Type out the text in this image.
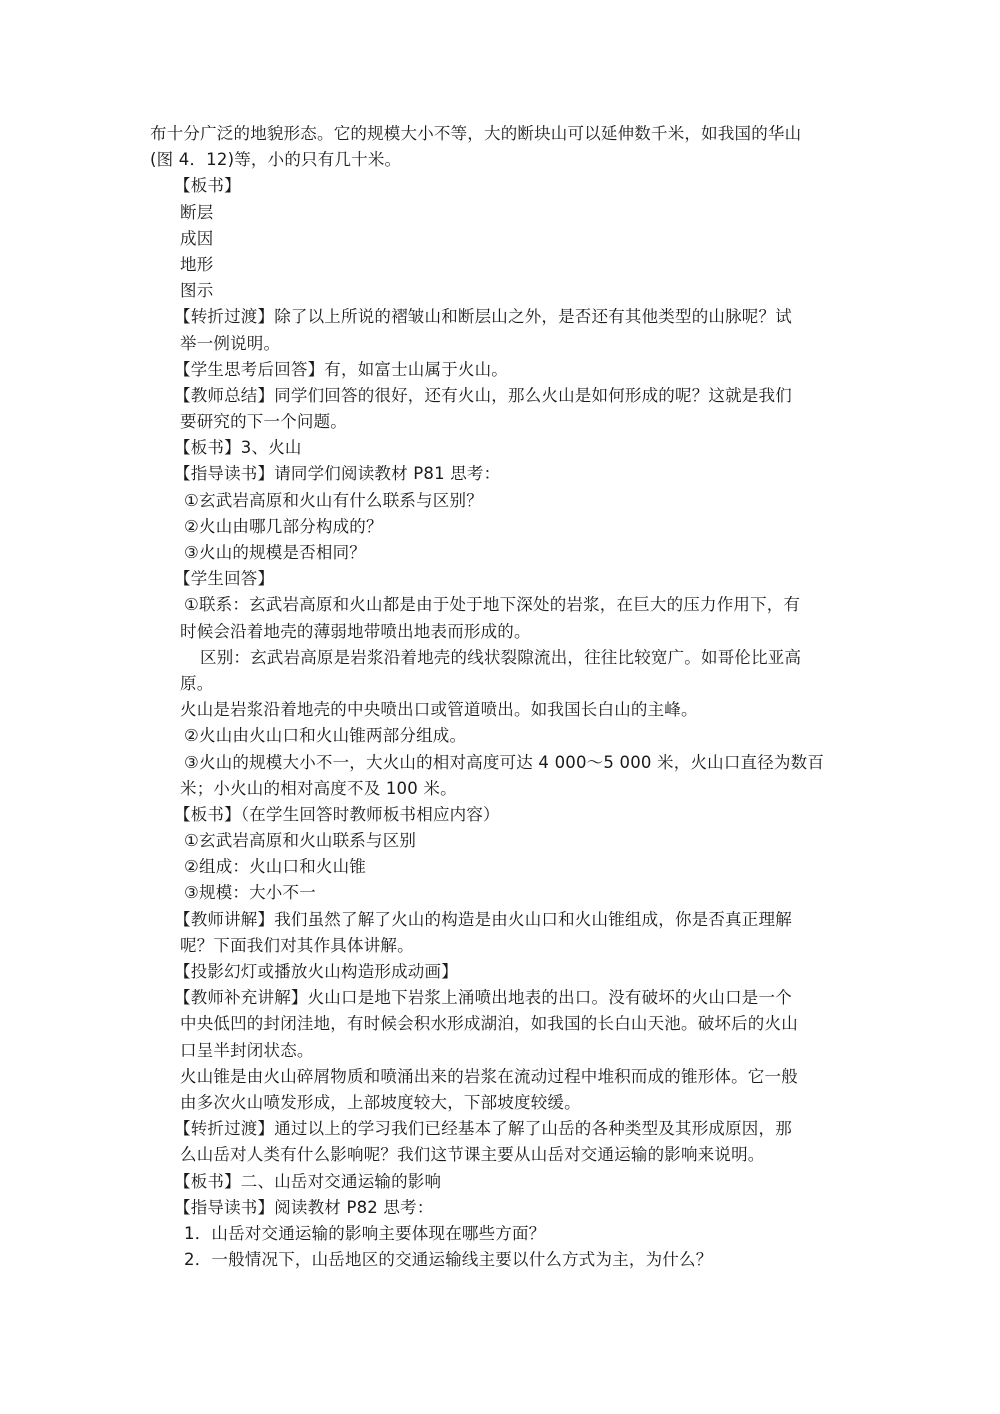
布十分广泛的地貌形态。它的规模大小不等，大的断块山可以延伸数千米，如我国的华山
(图 4．12)等，小的只有几十米。
【板书】
断层
成因
地形
图示
【转折过渡】除了以上所说的褶皱山和断层山之外，是否还有其他类型的山脉呢？试
举一例说明。
【学生思考后回答】有，如富士山属于火山。
【教师总结】同学们回答的很好，还有火山，那么火山是如何形成的呢？这就是我们
要研究的下一个问题。
【板书】3、火山
【指导读书】请同学们阅读教材 P81 思考：
①玄武岩高原和火山有什么联系与区别？
②火山由哪几部分构成的？
③火山的规模是否相同？
【学生回答】
①联系：玄武岩高原和火山都是由于处于地下深处的岩浆，在巨大的压力作用下，有
时候会沿着地壳的薄弱地带喷出地表而形成的。
区别：玄武岩高原是岩浆沿着地壳的线状裂隙流出，往往比较宽广。如哥伦比亚高
原。
火山是岩浆沿着地壳的中央喷出口或管道喷出。如我国长白山的主峰。
②火山由火山口和火山锥两部分组成。
③火山的规模大小不一，大火山的相对高度可达 4 000～5 000 米，火山口直径为数百
米；小火山的相对高度不及 100 米。
【板书】（在学生回答时教师板书相应内容）
①玄武岩高原和火山联系与区别
②组成：火山口和火山锥
③规模：大小不一
【教师讲解】我们虽然了解了火山的构造是由火山口和火山锥组成，你是否真正理解
呢？下面我们对其作具体讲解。
【投影幻灯或播放火山构造形成动画】
【教师补充讲解】火山口是地下岩浆上涌喷出地表的出口。没有破坏的火山口是一个
中央低凹的封闭洼地，有时候会积水形成湖泊，如我国的长白山天池。破坏后的火山
口呈半封闭状态。
火山锥是由火山碎屑物质和喷涌出来的岩浆在流动过程中堆积而成的锥形体。它一般
由多次火山喷发形成，上部坡度较大，下部坡度较缓。
【转折过渡】通过以上的学习我们已经基本了解了山岳的各种类型及其形成原因，那
么山岳对人类有什么影响呢？我们这节课主要从山岳对交通运输的影响来说明。
【板书】二、山岳对交通运输的影响
【指导读书】阅读教材 P82 思考：
1．山岳对交通运输的影响主要体现在哪些方面？
2．一般情况下，山岳地区的交通运输线主要以什么方式为主，为什么？
